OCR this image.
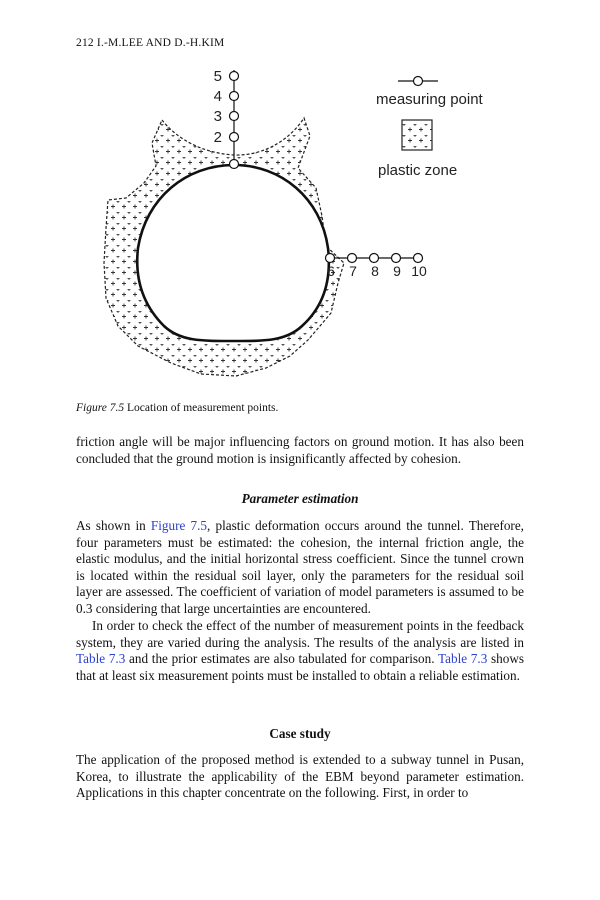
212 I.-M.LEE AND D.-H.KIM
5
4
3
2
6 7 8 9 10
measuring point
plastic zone
Figure 7.5 Location of measurement points.
friction angle will be major influencing factors on ground motion. It has also been concluded that the ground motion is insignificantly affected by cohesion.
Parameter estimation
As shown in Figure 7.5, plastic deformation occurs around the tunnel. Therefore, four parameters must be estimated: the cohesion, the internal friction angle, the elastic modulus, and the initial horizontal stress coefficient. Since the tunnel crown is located within the residual soil layer, only the parameters for the residual soil layer are assessed. The coefficient of variation of model parameters is assumed to be 0.3 considering that large uncertainties are encountered.
In order to check the effect of the number of measurement points in the feedback system, they are varied during the analysis. The results of the analysis are listed in Table 7.3 and the prior estimates are also tabulated for comparison. Table 7.3 shows that at least six measurement points must be installed to obtain a reliable estimation.
Case study
The application of the proposed method is extended to a subway tunnel in Pusan, Korea, to illustrate the applicability of the EBM beyond parameter estimation. Applications in this chapter concentrate on the following. First, in order to
